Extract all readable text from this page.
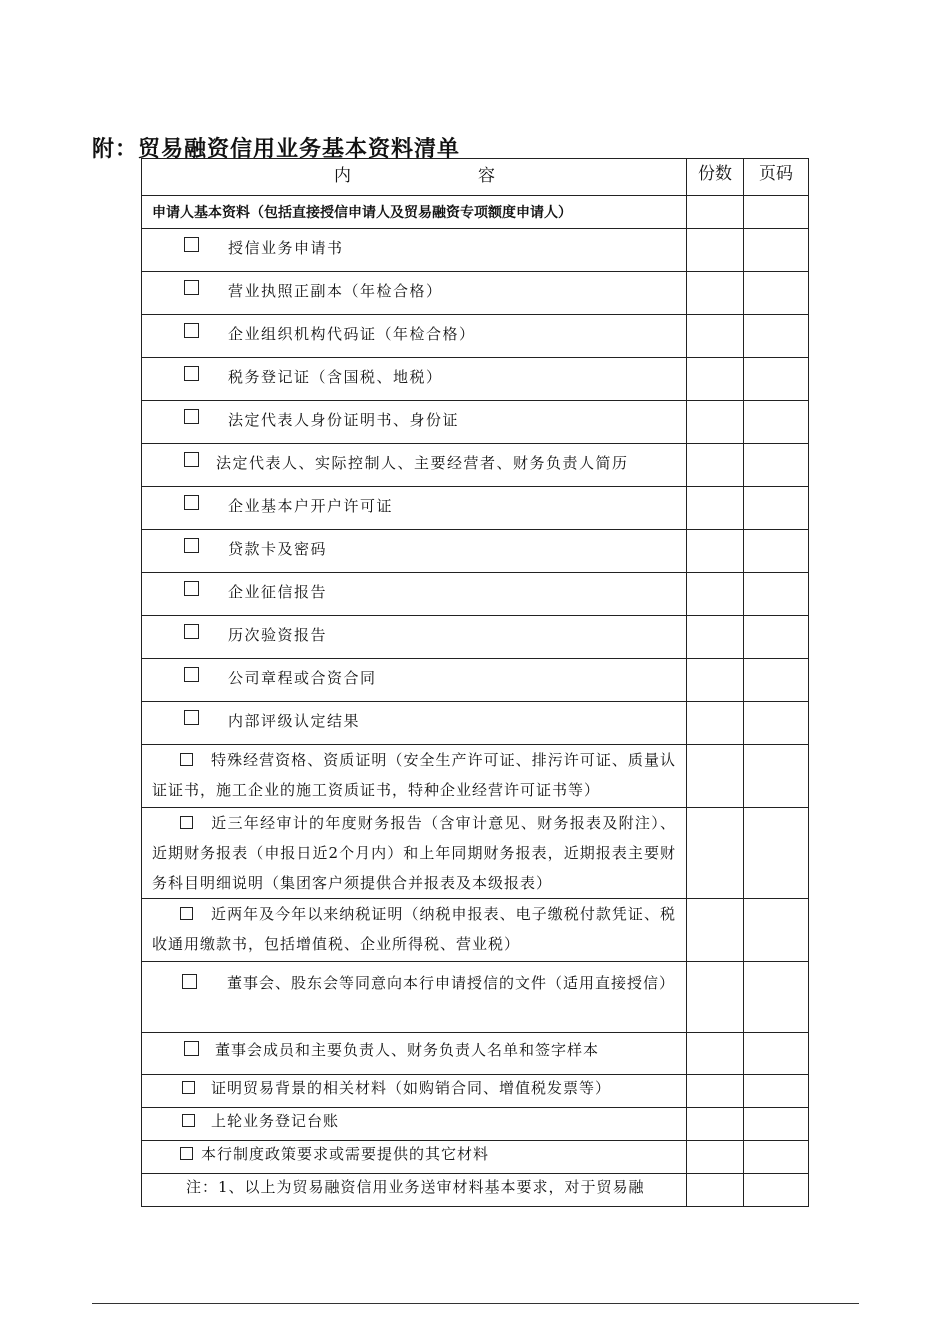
附：贸易融资信用业务基本资料清单
内 容	份数	页码
申请人基本资料（包括直接授信申请人及贸易融资专项额度申请人）		

授信业务申请书		

营业执照正副本（年检合格）		

企业组织机构代码证（年检合格）		

税务登记证（含国税、地税）		

法定代表人身份证明书、身份证		

法定代表人、实际控制人、主要经营者、财务负责人简历		

企业基本户开户许可证		

贷款卡及密码		

企业征信报告		

历次验资报告		

公司章程或合资合同		

内部评级认定结果		

特殊经营资格、资质证明（安全生产许可证、排污许可证、质量认证证书，施工企业的施工资质证书，特种企业经营许可证书等）		
近三年经审计的年度财务报告（含审计意见、财务报表及附注）、近期财务报表（申报日近2个月内）和上年同期财务报表，近期报表主要财务科目明细说明（集团客户须提供合并报表及本级报表）		
近两年及今年以来纳税证明（纳税申报表、电子缴税付款凭证、税收通用缴款书，包括增值税、企业所得税、营业税）		
董事会、股东会等同意向本行申请授信的文件（适用直接授信）		
董事会成员和主要负责人、财务负责人名单和签字样本		
证明贸易背景的相关材料（如购销合同、增值税发票等）		
上轮业务登记台账		
本行制度政策要求或需要提供的其它材料		
注：1、以上为贸易融资信用业务送审材料基本要求，对于贸易融		
